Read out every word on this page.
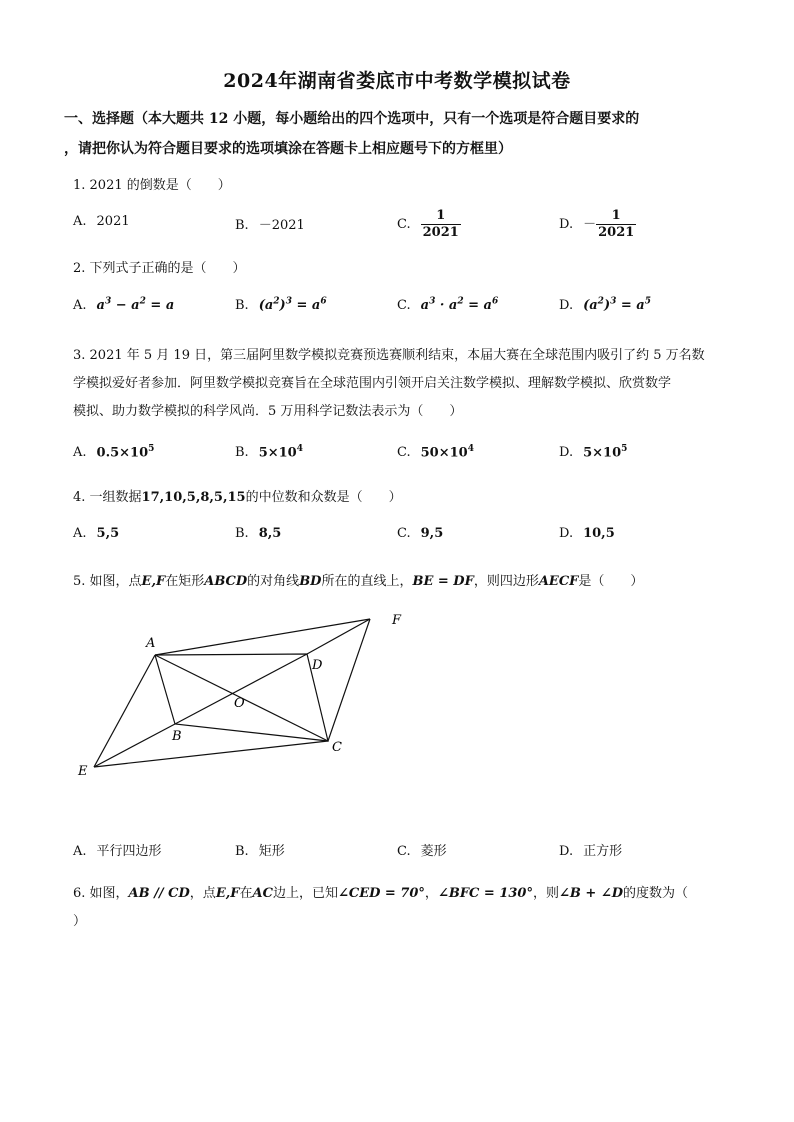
2024年湖南省娄底市中考数学模拟试卷
一、选择题（本大题共 12 小题，每小题给出的四个选项中，只有一个选项是符合题目要求的
，请把你认为符合题目要求的选项填涂在答题卡上相应题号下的方框里）
1. 2021 的倒数是（　　）
A. 2021	B. －2021	C. $\frac{1}{2021}$	D. － $\frac{1}{2021}$
2. 下列式子正确的是（　　）
A. $a^3 - a^2 = a$	B. $(a^2)^3 = a^6$	C. $a^3 \cdot a^2 = a^6$	D. $(a^2)^3 = a^5$
3. 2021 年 5 月 19 日，第三届阿里数学模拟竞赛预选赛顺利结束，本届大赛在全球范围内吸引了约 5 万名数
学模拟爱好者参加．阿里数学模拟竞赛旨在全球范围内引领开启关注数学模拟、理解数学模拟、欣赏数学
模拟、助力数学模拟的科学风尚．5 万用科学记数法表示为（　　）
A. $0.5\times 10^5$	B. $5\times 10^4$	C. $50\times 10^4$	D. $5\times 10^5$
4. 一组数据17,10,5,8,5,15的中位数和众数是（　　）
A. 5,5	B. 8,5	C. 9,5	D. 10,5
5. 如图，点E,F在矩形ABCD的对角线BD所在的直线上，BE = DF，则四边形AECF是（　　）
A
B
C
D
E
F
O
A. 平行四边形	B. 矩形	C. 菱形	D. 正方形
6. 如图，AB // CD，点E,F在AC边上，已知∠CED = 70°，∠BFC = 130°，则∠B + ∠D的度数为（
）
